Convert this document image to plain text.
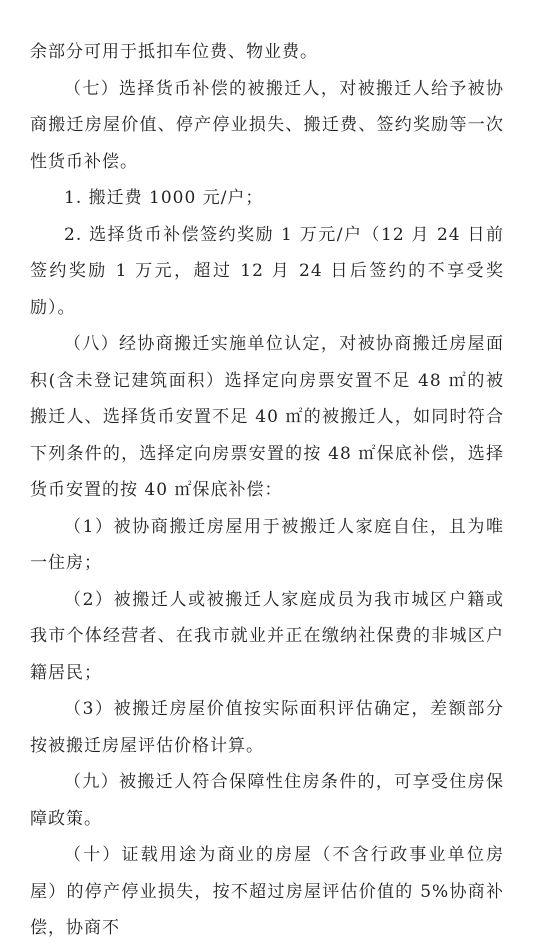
余部分可用于抵扣车位费、物业费。

（七）选择货币补偿的被搬迁人，对被搬迁人给予被协商搬迁房屋价值、停产停业损失、搬迁费、签约奖励等一次性货币补偿。

1. 搬迁费 1000 元/户；

2. 选择货币补偿签约奖励 1 万元/户（12 月 24 日前签约奖励 1 万元，超过 12 月 24 日后签约的不享受奖励）。

（八）经协商搬迁实施单位认定，对被协商搬迁房屋面积(含未登记建筑面积）选择定向房票安置不足 48 ㎡的被搬迁人、选择货币安置不足 40 ㎡的被搬迁人，如同时符合下列条件的，选择定向房票安置的按 48 ㎡保底补偿，选择货币安置的按 40 ㎡保底补偿：

（1）被协商搬迁房屋用于被搬迁人家庭自住，且为唯一住房；

（2）被搬迁人或被搬迁人家庭成员为我市城区户籍或我市个体经营者、在我市就业并正在缴纳社保费的非城区户籍居民；

（3）被搬迁房屋价值按实际面积评估确定，差额部分按被搬迁房屋评估价格计算。

（九）被搬迁人符合保障性住房条件的，可享受住房保障政策。

（十）证载用途为商业的房屋（不含行政事业单位房屋）的停产停业损失，按不超过房屋评估价值的 5%协商补偿，协商不
